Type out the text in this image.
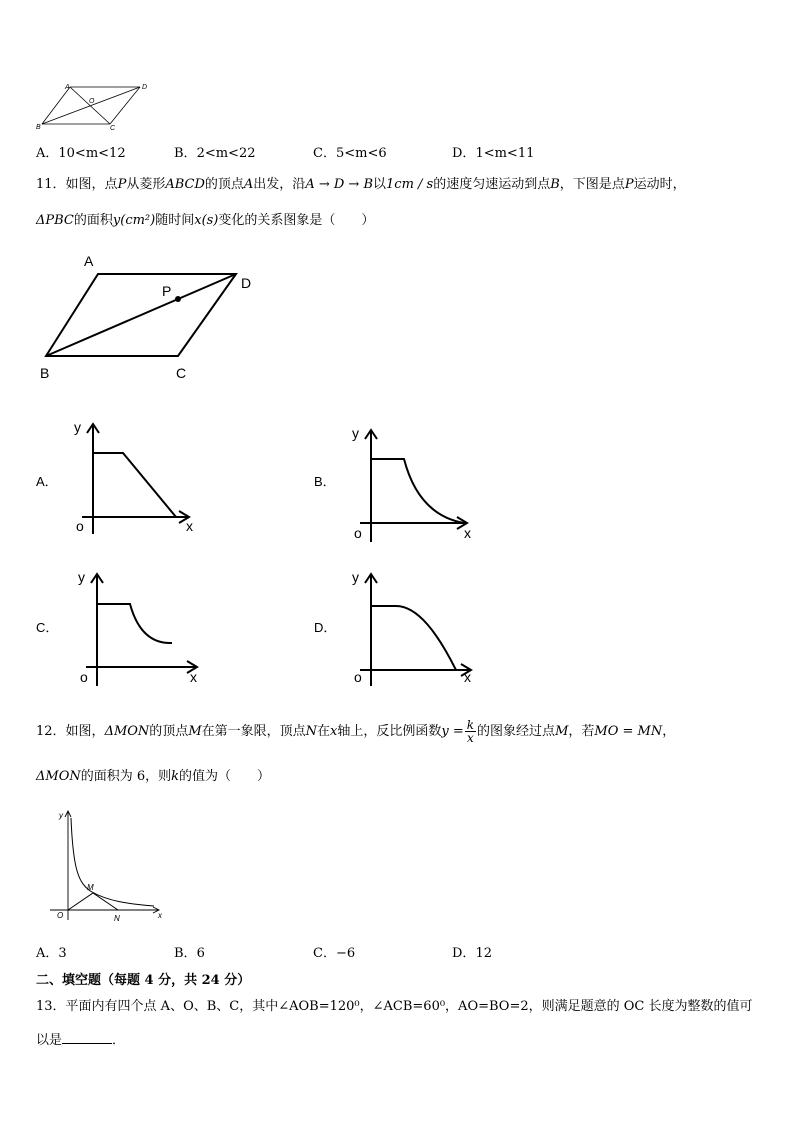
A	D
O
B	C
A．10<m<12	B．2<m<22	C．5<m<6	D．1<m<11
11．如图，点P从菱形ABCD的顶点A出发，沿A → D → B以1cm / s的速度匀速运动到点B，下图是点P运动时，
ΔPBC的面积y(cm²)随时间x(s)变化的关系图象是（　　）
A
P	D
B	C
A．
y
o	x
B．
y
o	x
C．
y
o	x
D．
y
o	x
12．如图，ΔMON的顶点M在第一象限，顶点N在x轴上，反比例函数$y = \frac{k}{x}$ 的图象经过点M，若MO = MN，
ΔMON的面积为 6，则k的值为（　　）
y
M
O	N	x
A．3	B．6	C．−6	D．12
二、填空题（每题 4 分，共 24 分）
13．平面内有四个点 A、O、B、C，其中∠AOB=120⁰，∠ACB=60⁰，AO=BO=2，则满足题意的 OC 长度为整数的值可
以是	．
